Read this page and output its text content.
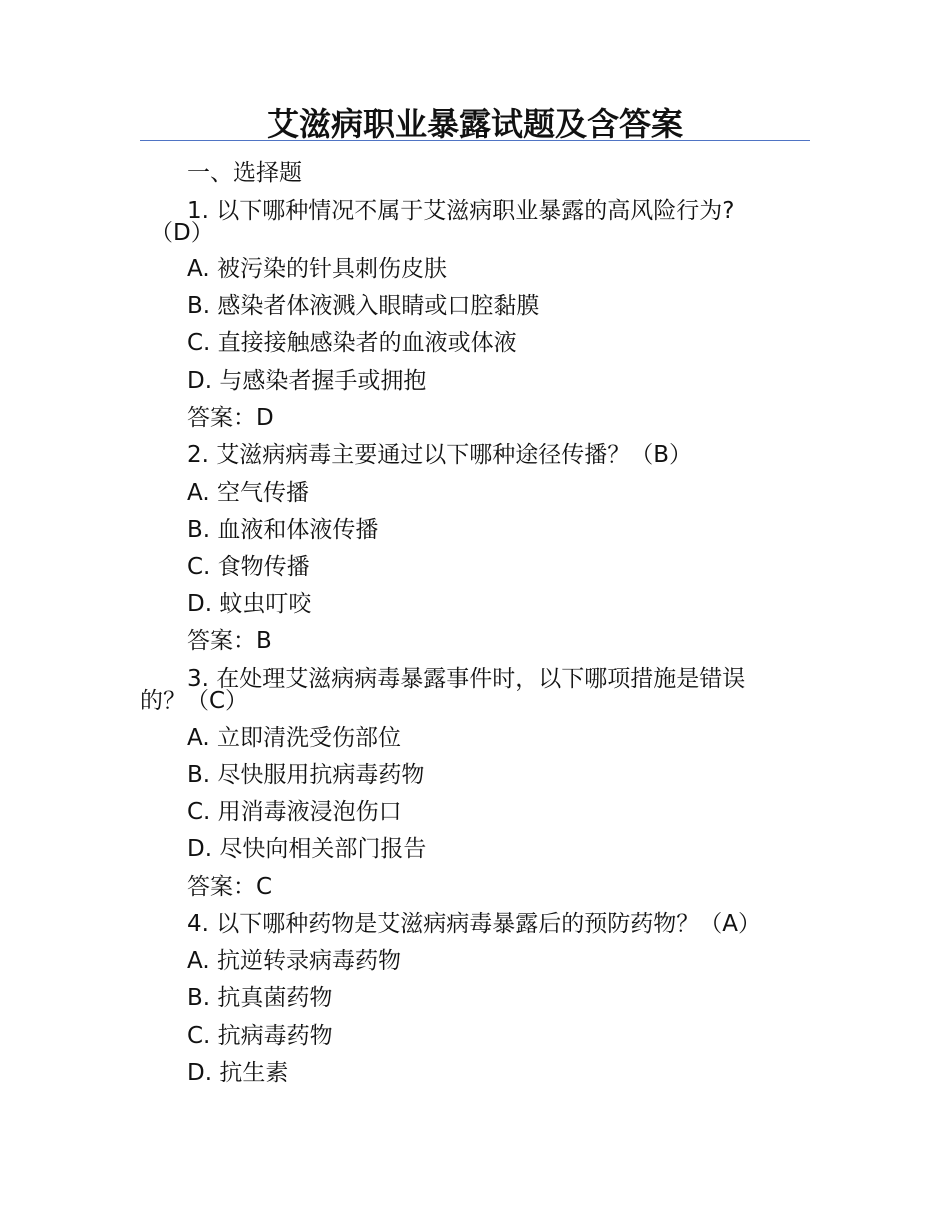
艾滋病职业暴露试题及含答案
一、选择题
1. 以下哪种情况不属于艾滋病职业暴露的高风险行为?
（D）
A. 被污染的针具刺伤皮肤
B. 感染者体液溅入眼睛或口腔黏膜
C. 直接接触感染者的血液或体液
D. 与感染者握手或拥抱
答案：D
2. 艾滋病病毒主要通过以下哪种途径传播？（B）
A. 空气传播
B. 血液和体液传播
C. 食物传播
D. 蚊虫叮咬
答案：B
3. 在处理艾滋病病毒暴露事件时，以下哪项措施是错误
的？（C）
A. 立即清洗受伤部位
B. 尽快服用抗病毒药物
C. 用消毒液浸泡伤口
D. 尽快向相关部门报告
答案：C
4. 以下哪种药物是艾滋病病毒暴露后的预防药物？（A）
A. 抗逆转录病毒药物
B. 抗真菌药物
C. 抗病毒药物
D. 抗生素
